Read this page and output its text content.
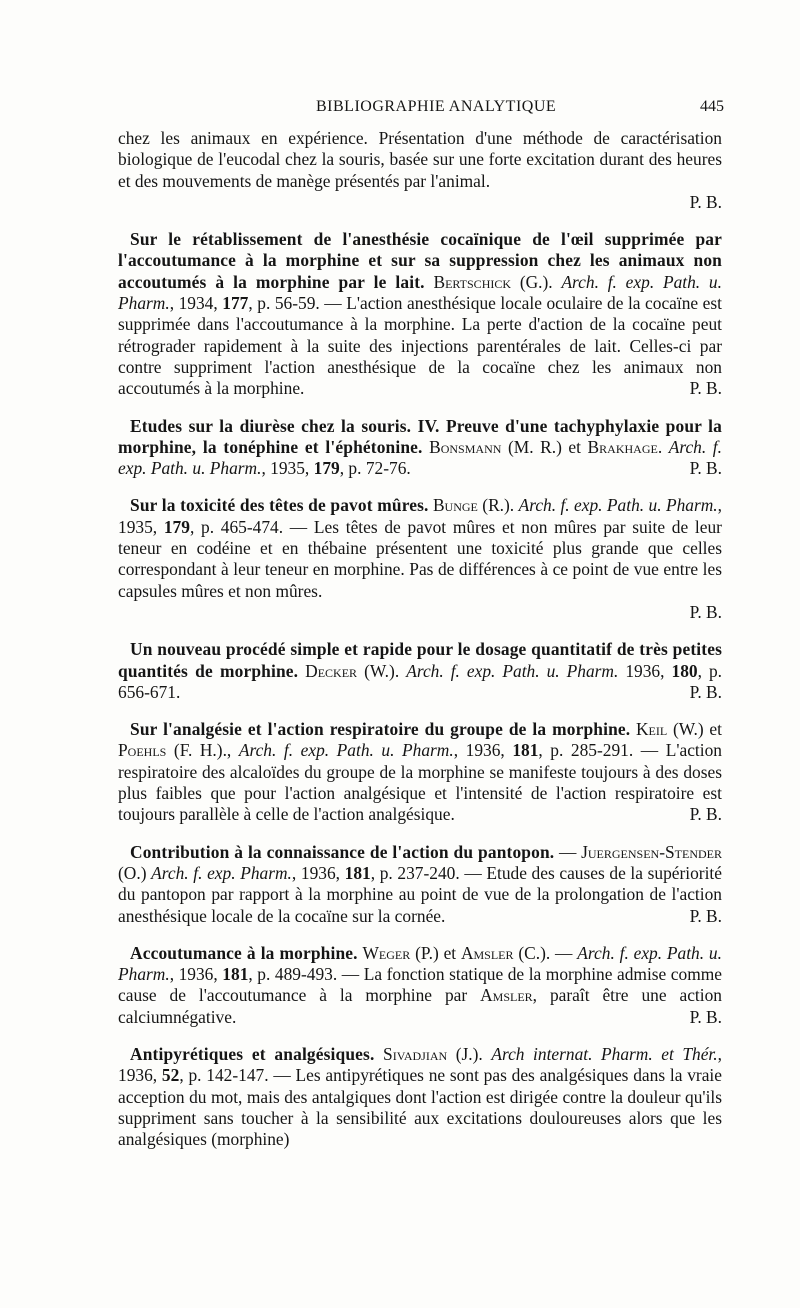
BIBLIOGRAPHIE ANALYTIQUE	445

chez les animaux en expérience. Présentation d'une méthode de caractérisation biologique de l'eucodal chez la souris, basée sur une forte excitation durant des heures et des mouvements de manège présentés par l'animal.
P. B.

Sur le rétablissement de l'anesthésie cocaïnique de l'œil supprimée par l'accoutumance à la morphine et sur sa suppression chez les animaux non accoutumés à la morphine par le lait. Bertschick (G.). Arch. f. exp. Path. u. Pharm., 1934, 177, p. 56-59. — L'action anesthésique locale oculaire de la cocaïne est supprimée dans l'accoutumance à la morphine. La perte d'action de la cocaïne peut rétrograder rapidement à la suite des injections parentérales de lait. Celles-ci par contre suppriment l'action anesthésique de la cocaïne chez les animaux non accoutumés à la morphine.	P. B.

Etudes sur la diurèse chez la souris. IV. Preuve d'une tachyphylaxie pour la morphine, la tonéphine et l'éphétonine. Bonsmann (M. R.) et Brakhage. Arch. f. exp. Path. u. Pharm., 1935, 179, p. 72-76.	P. B.

Sur la toxicité des têtes de pavot mûres. Bunge (R.). Arch. f. exp. Path. u. Pharm., 1935, 179, p. 465-474. — Les têtes de pavot mûres et non mûres par suite de leur teneur en codéine et en thébaine présentent une toxicité plus grande que celles correspondant à leur teneur en morphine. Pas de différences à ce point de vue entre les capsules mûres et non mûres.
P. B.

Un nouveau procédé simple et rapide pour le dosage quantitatif de très petites quantités de morphine. Decker (W.). Arch. f. exp. Path. u. Pharm. 1936, 180, p. 656-671.	P. B.

Sur l'analgésie et l'action respiratoire du groupe de la morphine. Keil (W.) et Poehls (F. H.)., Arch. f. exp. Path. u. Pharm., 1936, 181, p. 285-291. — L'action respiratoire des alcaloïdes du groupe de la morphine se manifeste toujours à des doses plus faibles que pour l'action analgésique et l'intensité de l'action respiratoire est toujours parallèle à celle de l'action analgésique.	P. B.

Contribution à la connaissance de l'action du pantopon. — Juergensen-Stender (O.) Arch. f. exp. Pharm., 1936, 181, p. 237-240. — Etude des causes de la supériorité du pantopon par rapport à la morphine au point de vue de la prolongation de l'action anesthésique locale de la cocaïne sur la cornée.	P. B.

Accoutumance à la morphine. Weger (P.) et Amsler (C.). — Arch. f. exp. Path. u. Pharm., 1936, 181, p. 489-493. — La fonction statique de la morphine admise comme cause de l'accoutumance à la morphine par Amsler, paraît être une action calciumnégative.	P. B.

Antipyrétiques et analgésiques. Sivadjian (J.). Arch internat. Pharm. et Thér., 1936, 52, p. 142-147. — Les antipyrétiques ne sont pas des analgésiques dans la vraie acception du mot, mais des antalgiques dont l'action est dirigée contre la douleur qu'ils suppriment sans toucher à la sensibilité aux excitations douloureuses alors que les analgésiques (morphine)
